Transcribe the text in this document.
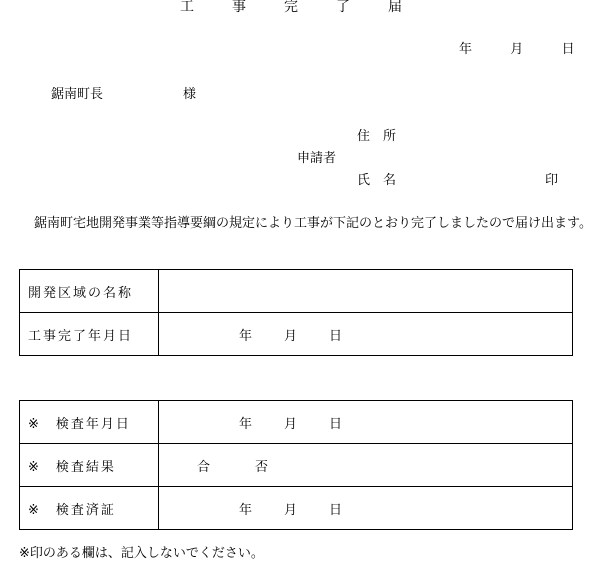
工	事	完	了	届
年	月	日
鋸南町長	様
住　所
申請者
氏　名	印
鋸南町宅地開発事業等指導要綱の規定により工事が下記のとおり完了しましたので届け出ます。
開発区域の名称	
工事完了年月日	年 月 日
※　検査年月日	年 月 日
※　検査結果	合 否
※　検査済証	年 月 日
※印のある欄は、記入しないでください。
